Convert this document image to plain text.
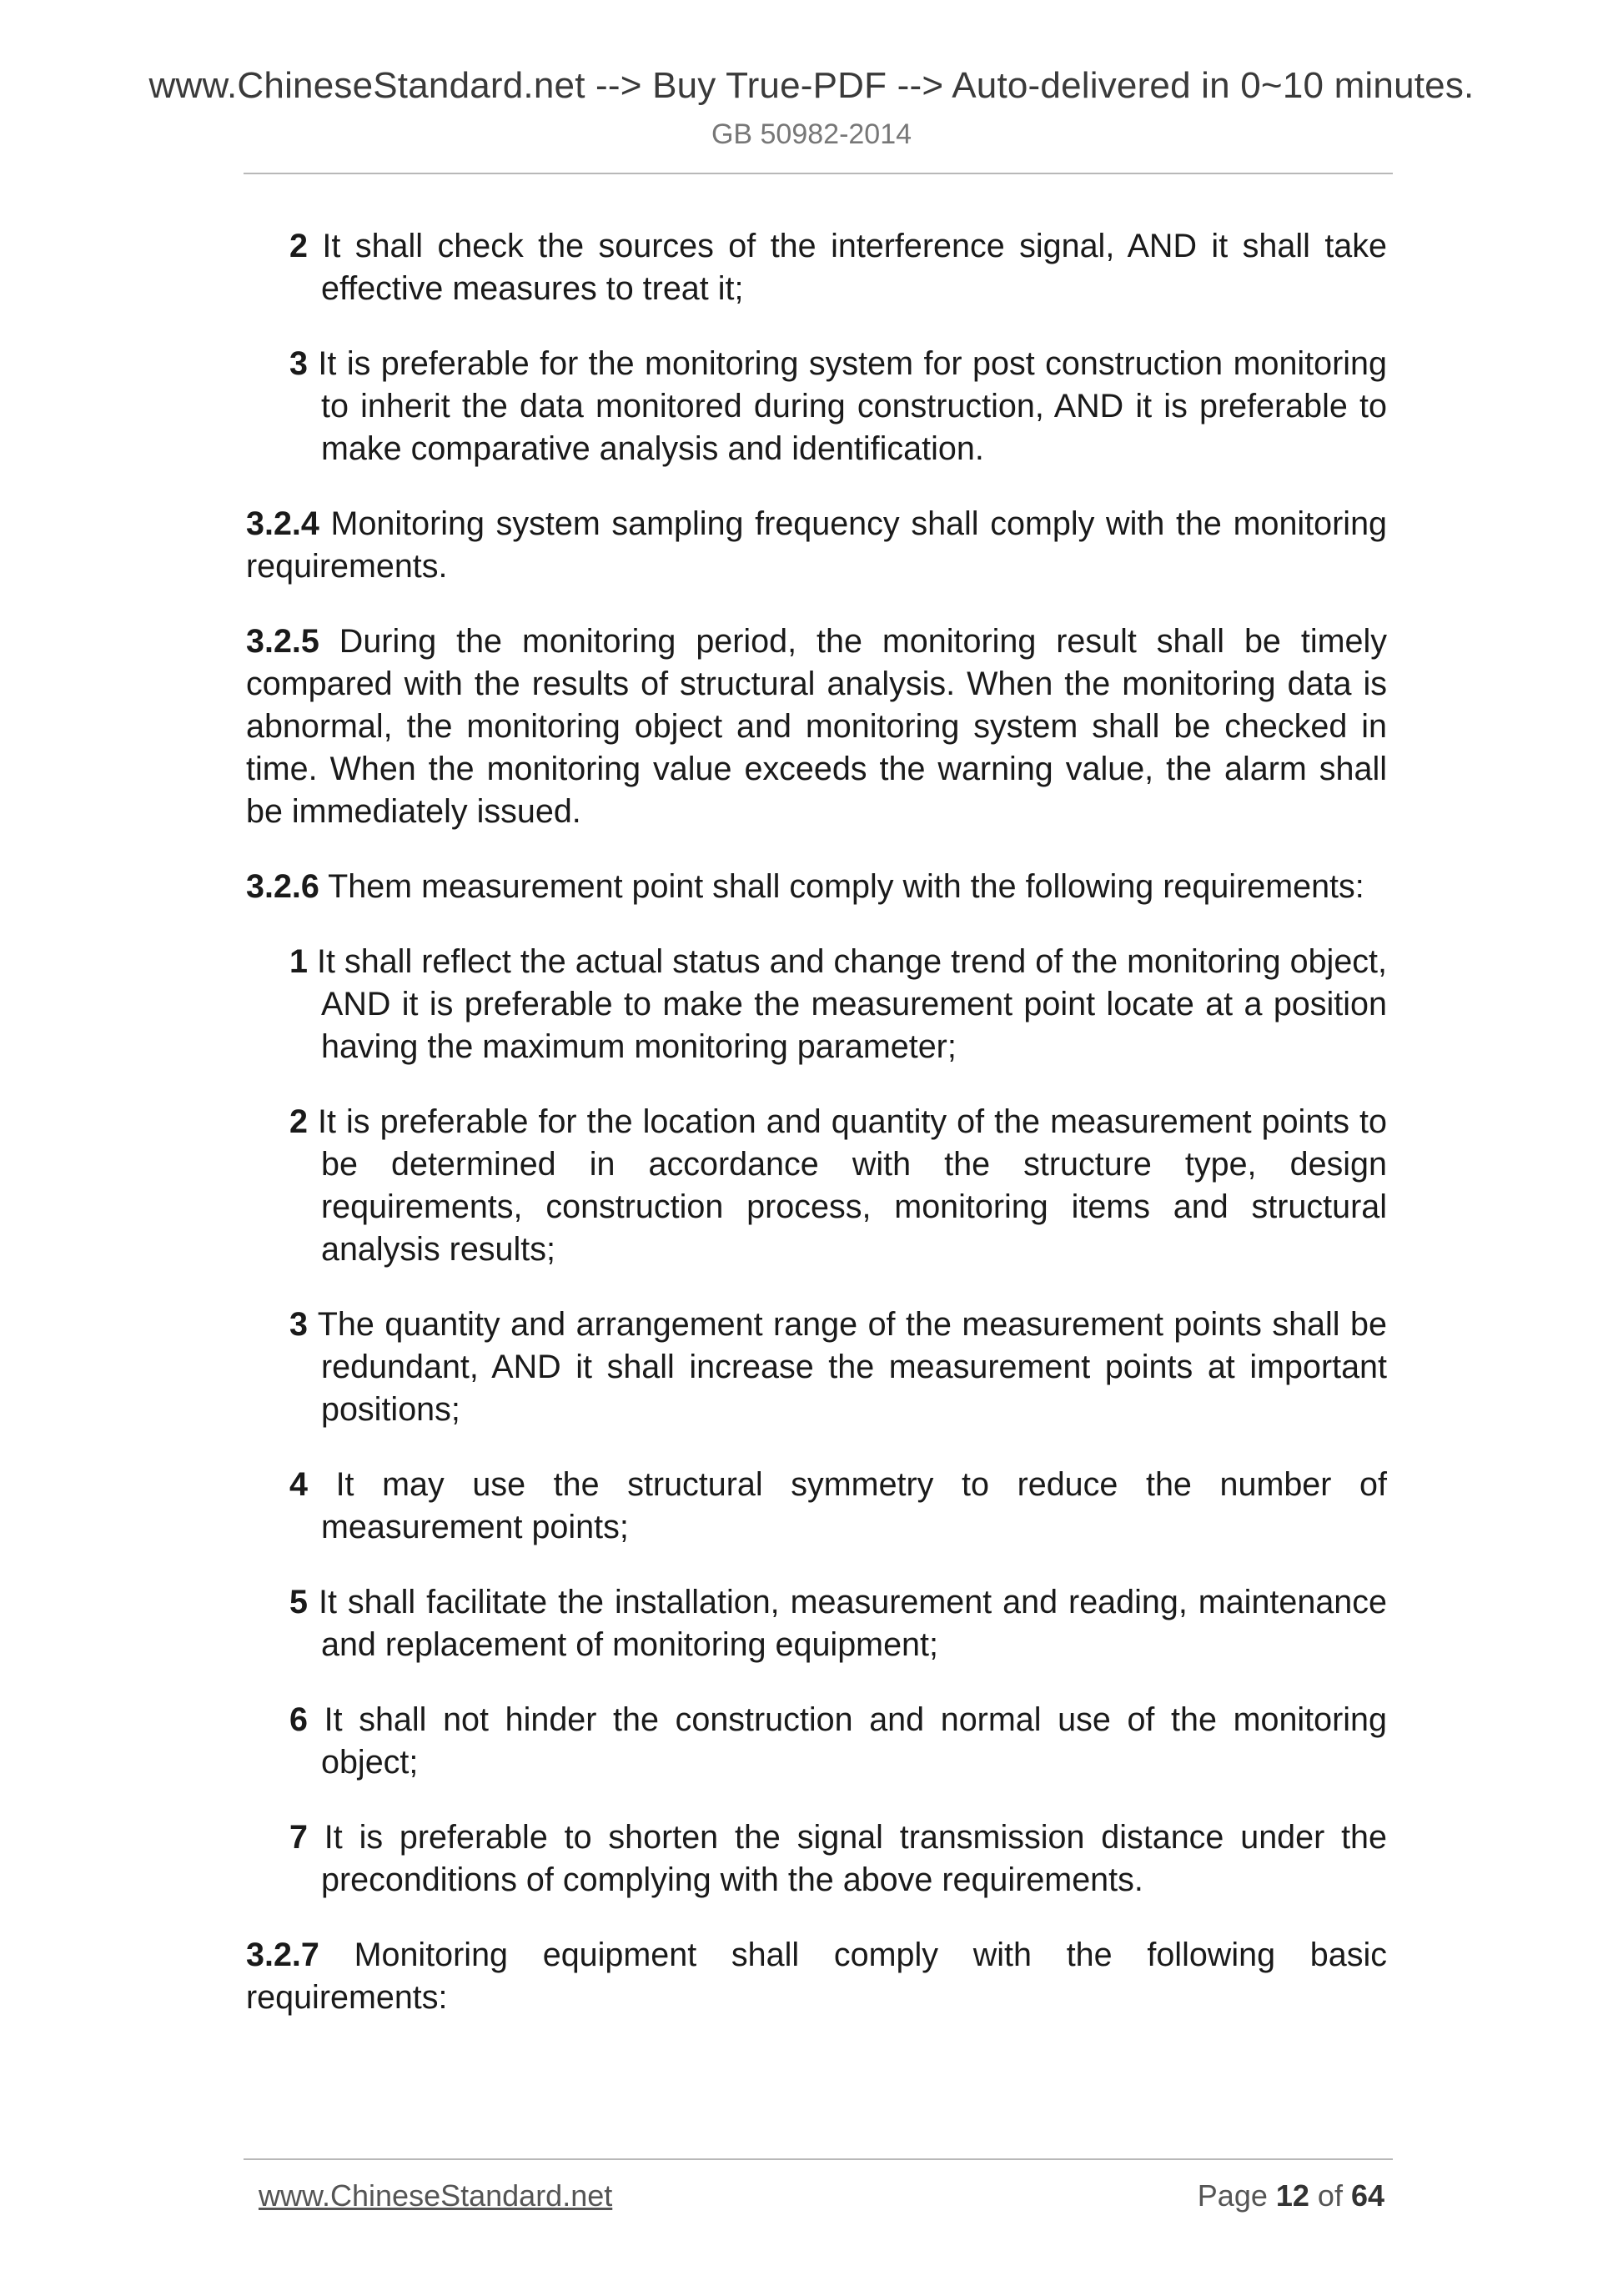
www.ChineseStandard.net --> Buy True-PDF --> Auto-delivered in 0~10 minutes.
GB 50982-2014

2 It shall check the sources of the interference signal, AND it shall take effective measures to treat it;

3 It is preferable for the monitoring system for post construction monitoring to inherit the data monitored during construction, AND it is preferable to make comparative analysis and identification.

3.2.4 Monitoring system sampling frequency shall comply with the monitoring requirements.

3.2.5 During the monitoring period, the monitoring result shall be timely compared with the results of structural analysis. When the monitoring data is abnormal, the monitoring object and monitoring system shall be checked in time. When the monitoring value exceeds the warning value, the alarm shall be immediately issued.

3.2.6 Them measurement point shall comply with the following requirements:

1 It shall reflect the actual status and change trend of the monitoring object, AND it is preferable to make the measurement point locate at a position having the maximum monitoring parameter;

2 It is preferable for the location and quantity of the measurement points to be determined in accordance with the structure type, design requirements, construction process, monitoring items and structural analysis results;

3 The quantity and arrangement range of the measurement points shall be redundant, AND it shall increase the measurement points at important positions;

4 It may use the structural symmetry to reduce the number of measurement points;

5 It shall facilitate the installation, measurement and reading, maintenance and replacement of monitoring equipment;

6 It shall not hinder the construction and normal use of the monitoring object;

7 It is preferable to shorten the signal transmission distance under the preconditions of complying with the above requirements.

3.2.7 Monitoring equipment shall comply with the following basic requirements:

www.ChineseStandard.net	Page 12 of 64
